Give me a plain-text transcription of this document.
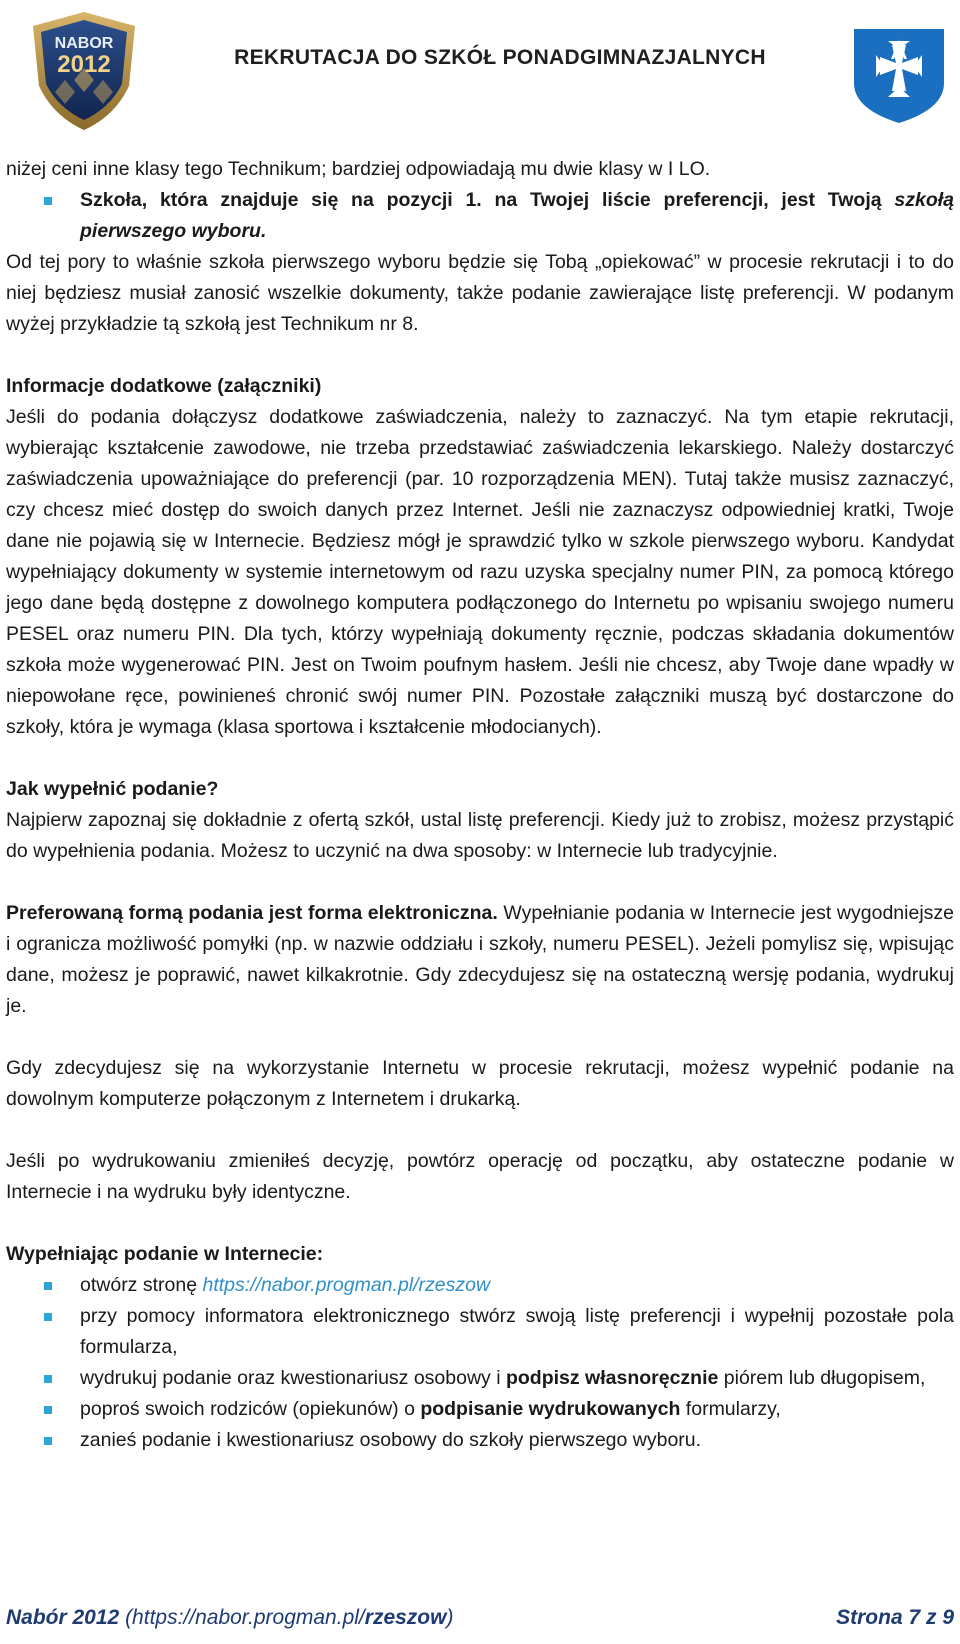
NABOR
2012	REKRUTACJA DO SZKÓŁ PONADGIMNAZJALNYCH

niżej ceni inne klasy tego Technikum; bardziej odpowiadają mu dwie klasy w I LO.

Szkoła, która znajduje się na pozycji 1. na Twojej liście preferencji, jest Twoją szkołą pierwszego wyboru.

Od tej pory to właśnie szkoła pierwszego wyboru będzie się Tobą „opiekować” w procesie rekrutacji i to do niej będziesz musiał zanosić wszelkie dokumenty, także podanie zawierające listę preferencji. W podanym wyżej przykładzie tą szkołą jest Technikum nr 8.

Informacje dodatkowe (załączniki)

Jeśli do podania dołączysz dodatkowe zaświadczenia, należy to zaznaczyć. Na tym etapie rekrutacji, wybierając kształcenie zawodowe, nie trzeba przedstawiać zaświadczenia lekarskiego. Należy dostarczyć zaświadczenia upoważniające do preferencji (par. 10 rozporządzenia MEN). Tutaj także musisz zaznaczyć, czy chcesz mieć dostęp do swoich danych przez Internet. Jeśli nie zaznaczysz odpowiedniej kratki, Twoje dane nie pojawią się w Internecie. Będziesz mógł je sprawdzić tylko w szkole pierwszego wyboru. Kandydat wypełniający dokumenty w systemie internetowym od razu uzyska specjalny numer PIN, za pomocą którego jego dane będą dostępne z dowolnego komputera podłączonego do Internetu po wpisaniu swojego numeru PESEL oraz numeru PIN. Dla tych, którzy wypełniają dokumenty ręcznie, podczas składania dokumentów szkoła może wygenerować PIN. Jest on Twoim poufnym hasłem. Jeśli nie chcesz, aby Twoje dane wpadły w niepowołane ręce, powinieneś chronić swój numer PIN. Pozostałe załączniki muszą być dostarczone do szkoły, która je wymaga (klasa sportowa i kształcenie młodocianych).

Jak wypełnić podanie?

Najpierw zapoznaj się dokładnie z ofertą szkół, ustal listę preferencji. Kiedy już to zrobisz, możesz przystąpić do wypełnienia podania. Możesz to uczynić na dwa sposoby: w Internecie lub tradycyjnie.

Preferowaną formą podania jest forma elektroniczna. Wypełnianie podania w Internecie jest wygodniejsze i ogranicza możliwość pomyłki (np. w nazwie oddziału i szkoły, numeru PESEL). Jeżeli pomylisz się, wpisując dane, możesz je poprawić, nawet kilkakrotnie. Gdy zdecydujesz się na ostateczną wersję podania, wydrukuj je.

Gdy zdecydujesz się na wykorzystanie Internetu w procesie rekrutacji, możesz wypełnić podanie na dowolnym komputerze połączonym z Internetem i drukarką.

Jeśli po wydrukowaniu zmieniłeś decyzję, powtórz operację od początku, aby ostateczne podanie w Internecie i na wydruku były identyczne.

Wypełniając podanie w Internecie:

otwórz stronę https://nabor.progman.pl/rzeszow
przy pomocy informatora elektronicznego stwórz swoją listę preferencji i wypełnij pozostałe pola formularza,
wydrukuj podanie oraz kwestionariusz osobowy i podpisz własnoręcznie piórem lub długopisem,
poproś swoich rodziców (opiekunów) o podpisanie wydrukowanych formularzy,
zanieś podanie i kwestionariusz osobowy do szkoły pierwszego wyboru.
Nabór 2012 (https://nabor.progman.pl/rzeszow)	Strona 7 z 9
